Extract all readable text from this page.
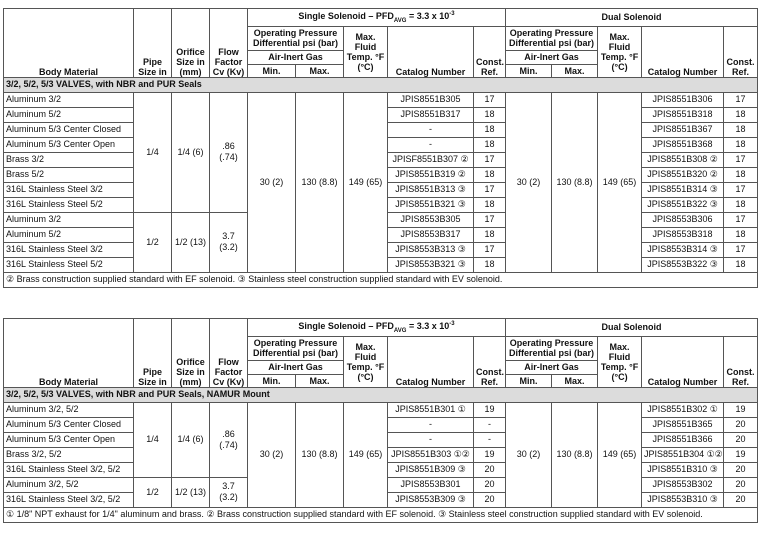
Body Material	Pipe Size in	Orifice Size in (mm)	Flow Factor Cv (Kv)	Single Solenoid – $PFD_{AVG} = 3.3$ x $10^{-3}$					Dual Solenoid				
				Operating Pressure Differential psi (bar)		Max. Fluid Temp. °F (°C)	Catalog Number	Const. Ref.	Operating Pressure Differential psi (bar)		Max. Fluid Temp. °F (°C)	Catalog Number	Const. Ref.
				Air-Inert Gas					Air-Inert Gas				
				Min.	Max.				Min.	Max.			
3/2, 5/2, 5/3 VALVES, with NBR and PUR Seals													
Aluminum 3/2	1/4	1/4 (6)	.86 (.74)	30 (2)	130 (8.8)	149 (65)	JPIS8551B305	17	30 (2)	130 (8.8)	149 (65)	JPIS8551B306	17
Aluminum 5/2							JPIS8551B317	18				JPIS8551B318	18
Aluminum 5/3 Center Closed							-	18				JPIS8551B367	18
Aluminum 5/3 Center Open							-	18				JPIS8551B368	18
Brass 3/2							JPISF8551B307 ②	17				JPIS8551B308 ②	17
Brass 5/2							JPIS8551B319 ②	18				JPIS8551B320 ②	18
316L Stainless Steel 3/2							JPIS8551B313 ③	17				JPIS8551B314 ③	17
316L Stainless Steel 5/2							JPIS8551B321 ③	18				JPIS8551B322 ③	18
Aluminum 3/2	1/2	1/2 (13)	3.7 (3.2)				JPIS8553B305	17				JPIS8553B306	17
Aluminum 5/2							JPIS8553B317	18				JPIS8553B318	18
316L Stainless Steel 3/2							JPIS8553B313 ③	17				JPIS8553B314 ③	17
316L Stainless Steel 5/2							JPIS8553B321 ③	18				JPIS8553B322 ③	18
② Brass construction supplied standard with EF solenoid. ③ Stainless steel construction supplied standard with EV solenoid.													
Body Material	Pipe Size in	Orifice Size in (mm)	Flow Factor Cv (Kv)	Single Solenoid – $PFD_{AVG} = 3.3$ x $10^{-3}$					Dual Solenoid				
				Operating Pressure Differential psi (bar)		Max. Fluid Temp. °F (°C)	Catalog Number	Const. Ref.	Operating Pressure Differential psi (bar)		Max. Fluid Temp. °F (°C)	Catalog Number	Const. Ref.
				Air-Inert Gas					Air-Inert Gas				
				Min.	Max.				Min.	Max.			
3/2, 5/2, 5/3 VALVES, with NBR and PUR Seals, NAMUR Mount													
Aluminum 3/2, 5/2	1/4	1/4 (6)	.86 (.74)	30 (2)	130 (8.8)	149 (65)	JPIS8551B301 ①	19	30 (2)	130 (8.8)	149 (65)	JPIS8551B302 ①	19
Aluminum 5/3 Center Closed							-	-				JPIS8551B365	20
Aluminum 5/3 Center Open							-	-				JPIS8551B366	20
Brass 3/2, 5/2							JPIS8551B303 ①②	19				JPIS8551B304 ①②	19
316L Stainless Steel 3/2, 5/2							JPIS8551B309 ③	20				JPIS8551B310 ③	20
Aluminum 3/2, 5/2	1/2	1/2 (13)	3.7 (3.2)				JPIS8553B301	20				JPIS8553B302	20
316L Stainless Steel 3/2, 5/2							JPIS8553B309 ③	20				JPIS8553B310 ③	20
① 1/8" NPT exhaust for 1/4" aluminum and brass. ② Brass construction supplied standard with EF solenoid. ③ Stainless steel construction supplied standard with EV solenoid.													
